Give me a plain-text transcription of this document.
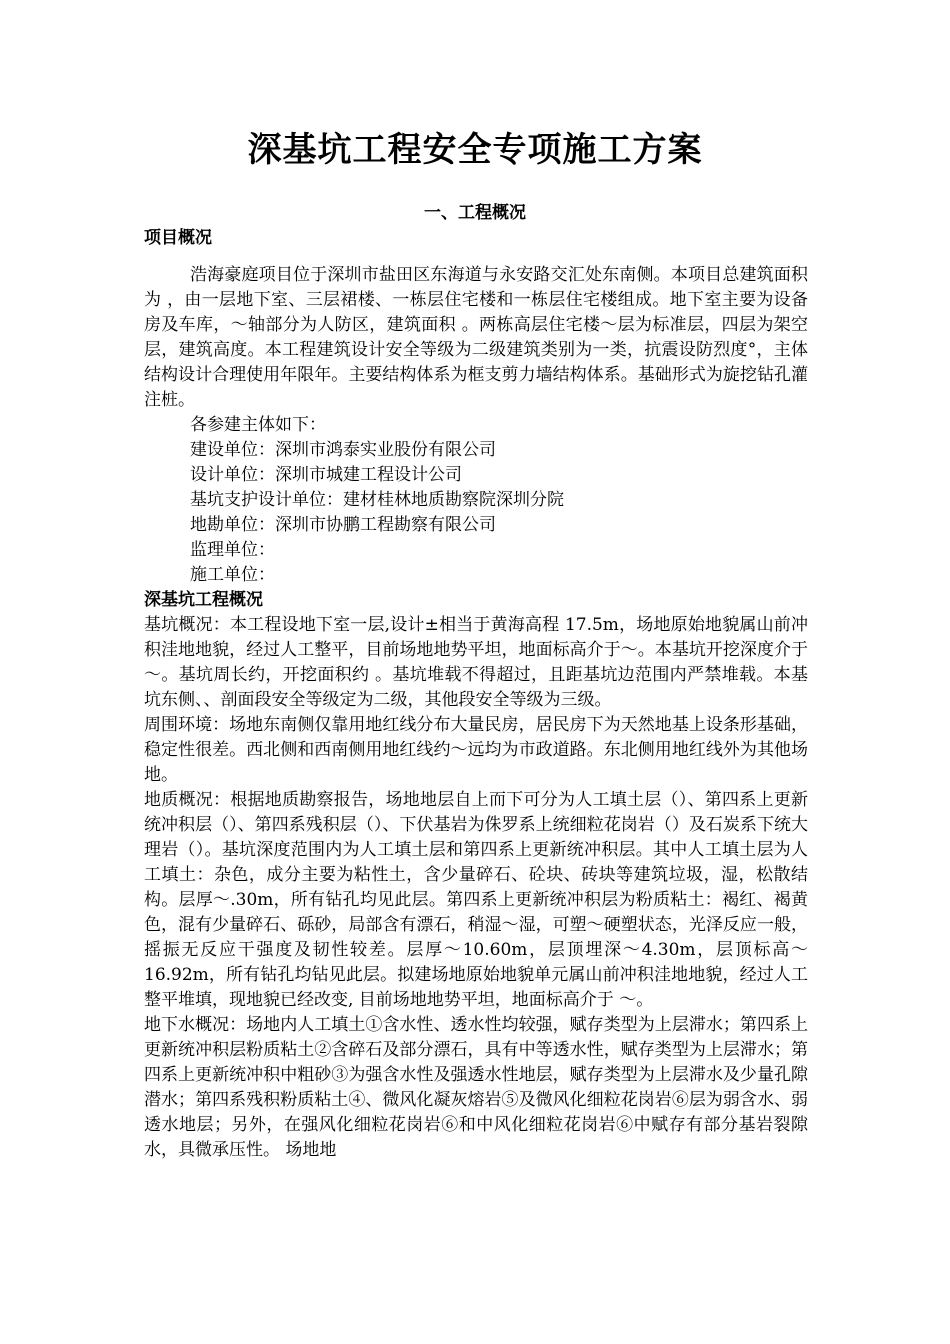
深基坑工程安全专项施工方案
一、工程概况
项目概况

浩海豪庭项目位于深圳市盐田区东海道与永安路交汇处东南侧。本项目总建筑面积为 ，由一层地下室、三层裙楼、一栋层住宅楼和一栋层住宅楼组成。地下室主要为设备房及车库，～轴部分为人防区，建筑面积 。两栋高层住宅楼～层为标准层，四层为架空层，建筑高度。本工程建筑设计安全等级为二级建筑类别为一类，抗震设防烈度°，主体结构设计合理使用年限年。主要结构体系为框支剪力墙结构体系。基础形式为旋挖钻孔灌注桩。

各参建主体如下：
建设单位：深圳市鸿泰实业股份有限公司
设计单位：深圳市城建工程设计公司
基坑支护设计单位：建材桂林地质勘察院深圳分院
地勘单位：深圳市协鹏工程勘察有限公司
监理单位：
施工单位：
深基坑工程概况

基坑概况：本工程设地下室一层,设计±相当于黄海高程 17.5m，场地原始地貌属山前冲积洼地地貌，经过人工整平，目前场地地势平坦，地面标高介于～。本基坑开挖深度介于～。基坑周长约，开挖面积约 。基坑堆载不得超过，且距基坑边范围内严禁堆载。本基坑东侧、、剖面段安全等级定为二级，其他段安全等级为三级。

周围环境：场地东南侧仅靠用地红线分布大量民房，居民房下为天然地基上设条形基础，稳定性很差。西北侧和西南侧用地红线约～远均为市政道路。东北侧用地红线外为其他场地。

地质概况：根据地质勘察报告，场地地层自上而下可分为人工填土层（）、第四系上更新统冲积层（）、第四系残积层（）、下伏基岩为侏罗系上统细粒花岗岩（）及石炭系下统大理岩（）。基坑深度范围内为人工填土层和第四系上更新统冲积层。其中人工填土层为人工填土：杂色，成分主要为粘性土，含少量碎石、砼块、砖块等建筑垃圾，湿，松散结构。层厚～.30m，所有钻孔均见此层。第四系上更新统冲积层为粉质粘土：褐红、褐黄色，混有少量碎石、砾砂，局部含有漂石，稍湿～湿，可塑～硬塑状态，光泽反应一般，摇振无反应干强度及韧性较差。层厚～10.60m，层顶埋深～4.30m，层顶标高～16.92m，所有钻孔均钻见此层。拟建场地原始地貌单元属山前冲积洼地地貌，经过人工整平堆填，现地貌已经改变, 目前场地地势平坦，地面标高介于 ～。

地下水概况：场地内人工填土①含水性、透水性均较强，赋存类型为上层滞水；第四系上更新统冲积层粉质粘土②含碎石及部分漂石，具有中等透水性，赋存类型为上层滞水；第四系上更新统冲积中粗砂③为强含水性及强透水性地层，赋存类型为上层滞水及少量孔隙潜水；第四系残积粉质粘土④、微风化凝灰熔岩⑤及微风化细粒花岗岩⑥层为弱含水、弱透水地层；另外，在强风化细粒花岗岩⑥和中风化细粒花岗岩⑥中赋存有部分基岩裂隙水，具微承压性。 场地地
